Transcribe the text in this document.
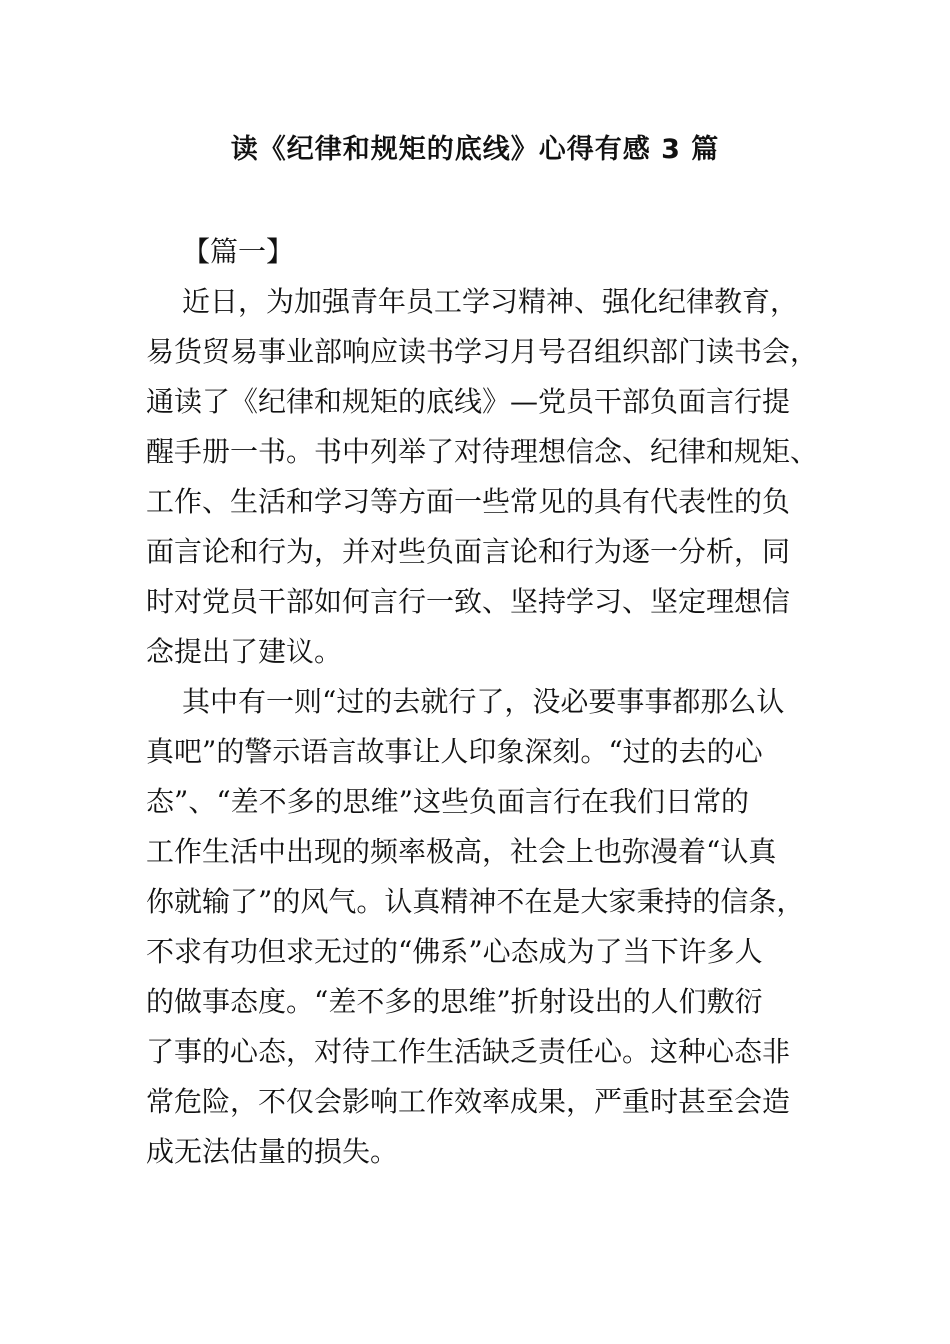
读《纪律和规矩的底线》心得有感 3 篇
【篇一】
近日，为加强青年员工学习精神、强化纪律教育，
易货贸易事业部响应读书学习月号召组织部门读书会，
通读了《纪律和规矩的底线》—党员干部负面言行提
醒手册一书。书中列举了对待理想信念、纪律和规矩、
工作、生活和学习等方面一些常见的具有代表性的负
面言论和行为，并对些负面言论和行为逐一分析，同
时对党员干部如何言行一致、坚持学习、坚定理想信
念提出了建议。
其中有一则“过的去就行了，没必要事事都那么认
真吧”的警示语言故事让人印象深刻。“过的去的心
态”、“差不多的思维”这些负面言行在我们日常的
工作生活中出现的频率极高，社会上也弥漫着“认真
你就输了”的风气。认真精神不在是大家秉持的信条，
不求有功但求无过的“佛系”心态成为了当下许多人
的做事态度。“差不多的思维”折射设出的人们敷衍
了事的心态，对待工作生活缺乏责任心。这种心态非
常危险，不仅会影响工作效率成果，严重时甚至会造
成无法估量的损失。
